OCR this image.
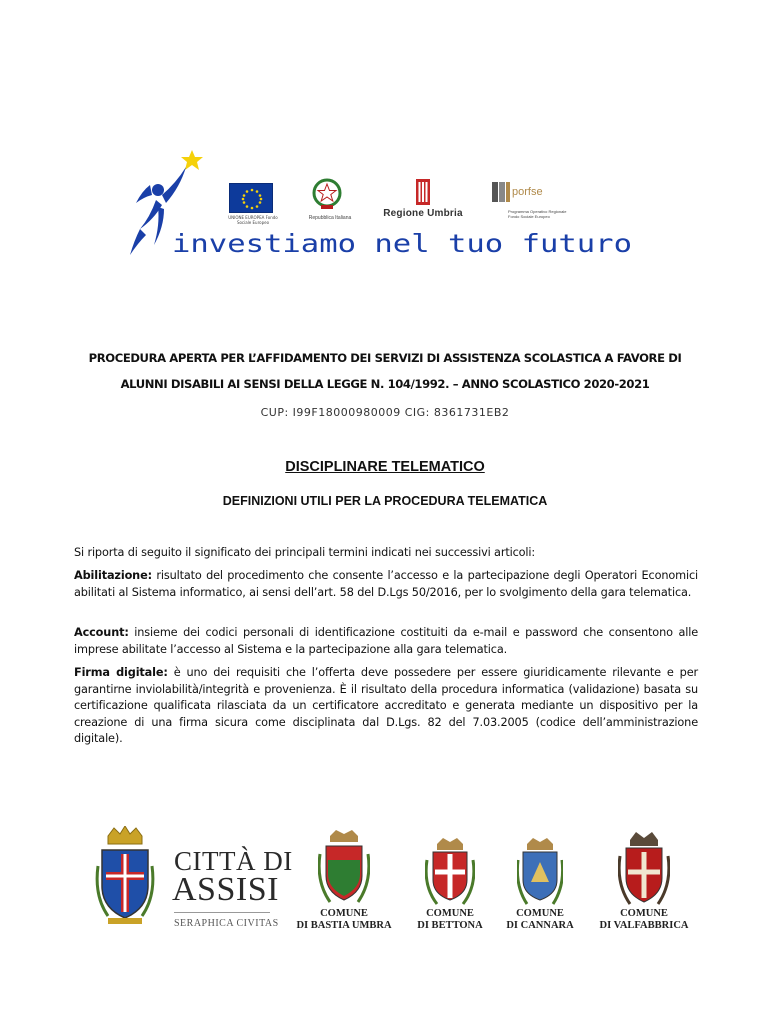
UNIONE EUROPEA Fondo Sociale Europeo
Repubblica Italiana	Regione Umbria
porfse
Programma Operativo Regionale Fondo Sociale Europeo
investiamo nel tuo futuro
PROCEDURA APERTA PER L’AFFIDAMENTO DEI SERVIZI DI ASSISTENZA SCOLASTICA A FAVORE DI
ALUNNI DISABILI AI SENSI DELLA LEGGE N. 104/1992. – ANNO SCOLASTICO 2020-2021
CUP: I99F18000980009 CIG: 8361731EB2
DISCIPLINARE TELEMATICO
DEFINIZIONI UTILI PER LA PROCEDURA TELEMATICA

Si riporta di seguito il significato dei principali termini indicati nei successivi articoli:

Abilitazione: risultato del procedimento che consente l’accesso e la partecipazione degli Operatori Economici abilitati al Sistema informatico, ai sensi dell’art. 58 del D.Lgs 50/2016, per lo svolgimento della gara telematica.

Account: insieme dei codici personali di identificazione costituiti da e-mail e password che consentono alle imprese abilitate l’accesso al Sistema e la partecipazione alla gara telematica.

Firma digitale: è uno dei requisiti che l’offerta deve possedere per essere giuridicamente rilevante e per garantirne inviolabilità/integrità e provenienza. È il risultato della procedura informatica (validazione) basata su certificazione qualificata rilasciata da un certificatore accreditato e generata mediante un dispositivo per la creazione di una firma sicura come disciplinata dal D.Lgs. 82 del 7.03.2005 (codice dell’amministrazione digitale).

CITTÀ DI
ASSISI
SERAPHICA CIVITAS
COMUNE
DI BASTIA UMBRA
COMUNE
DI BETTONA
COMUNE
DI CANNARA
COMUNE
DI VALFABBRICA
